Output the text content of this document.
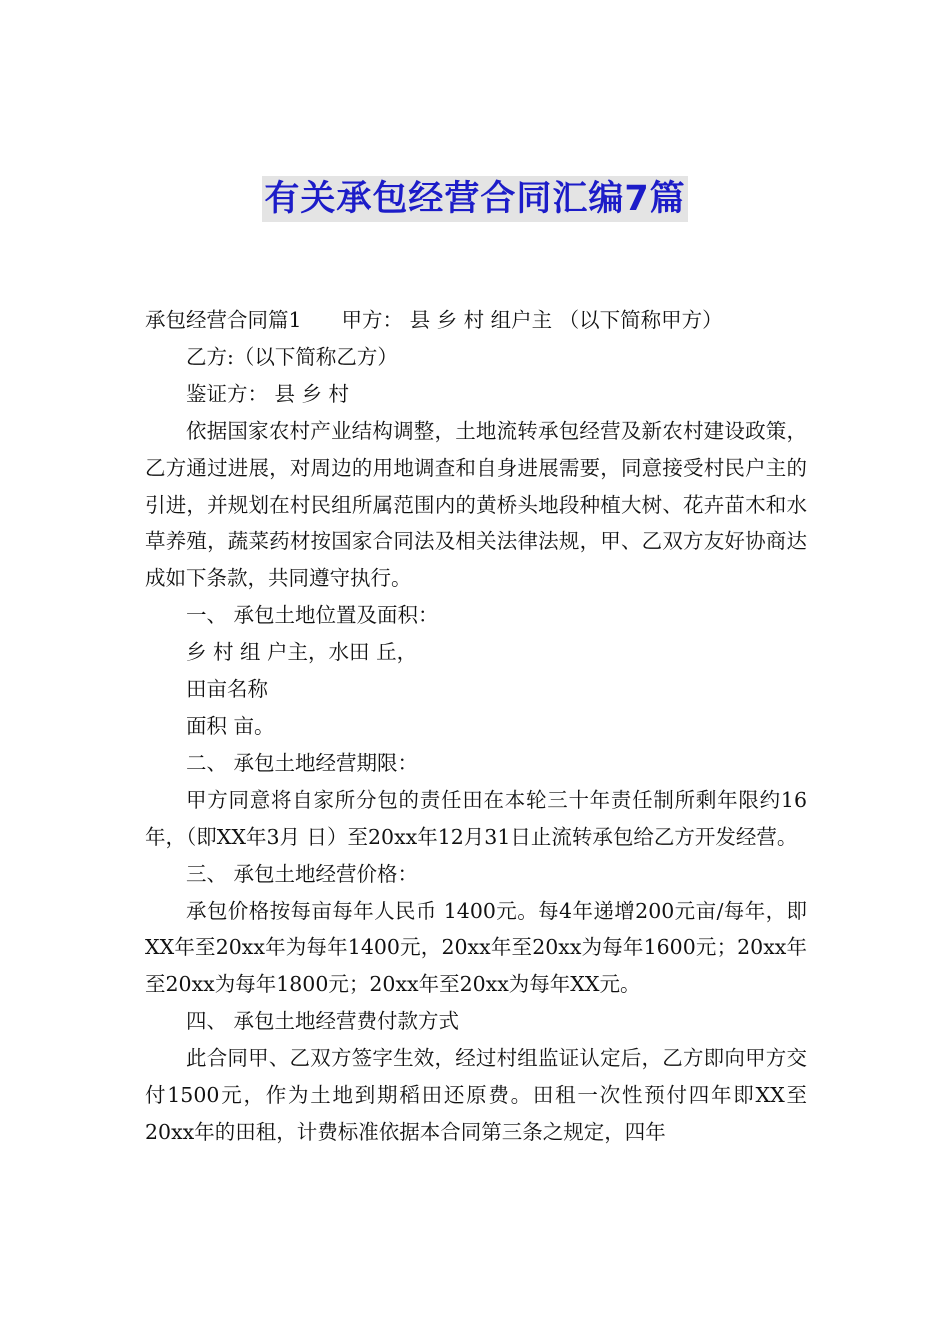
有关承包经营合同汇编7篇

承包经营合同篇1 甲方： 县 乡 村 组户主 （以下简称甲方）

乙方:（以下简称乙方）

鉴证方： 县 乡 村

依据国家农村产业结构调整，土地流转承包经营及新农村建设政策，乙方通过进展，对周边的用地调查和自身进展需要，同意接受村民户主的引进，并规划在村民组所属范围内的黄桥头地段种植大树、花卉苗木和水草养殖，蔬菜药材按国家合同法及相关法律法规，甲、乙双方友好协商达成如下条款，共同遵守执行。

一、 承包土地位置及面积：

乡 村 组 户主，水田 丘，

田亩名称

面积 亩。

二、 承包土地经营期限：

甲方同意将自家所分包的责任田在本轮三十年责任制所剩年限约16年，（即XX年3月 日）至20xx年12月31日止流转承包给乙方开发经营。

三、 承包土地经营价格：

承包价格按每亩每年人民币 1400元。每4年递增200元亩/每年，即XX年至20xx年为每年1400元，20xx年至20xx为每年1600元；20xx年至20xx为每年1800元；20xx年至20xx为每年XX元。

四、 承包土地经营费付款方式

此合同甲、乙双方签字生效，经过村组监证认定后，乙方即向甲方交付1500元，作为土地到期稻田还原费。田租一次性预付四年即XX至20xx年的田租，计费标准依据本合同第三条之规定，四年
